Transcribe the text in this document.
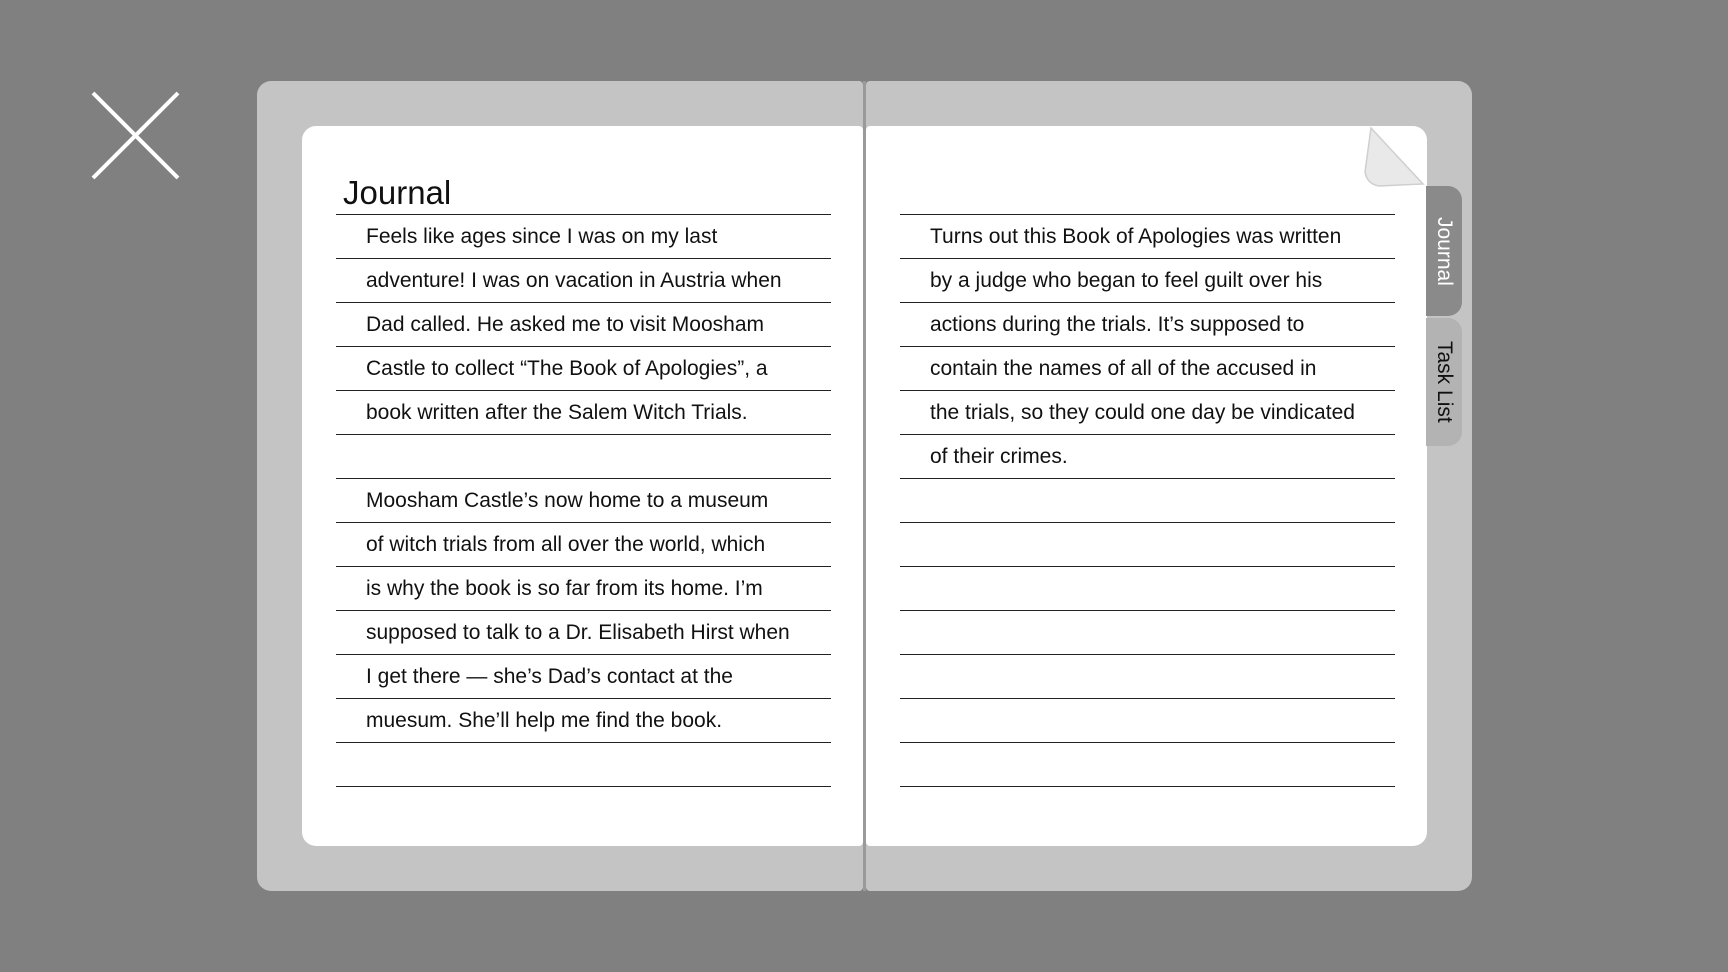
Journal
Feels like ages since I was on my last
adventure! I was on vacation in Austria when
Dad called. He asked me to visit Moosham
Castle to collect “The Book of Apologies”, a
book written after the Salem Witch Trials.
Moosham Castle’s now home to a museum
of witch trials from all over the world, which
is why the book is so far from its home. I’m
supposed to talk to a Dr. Elisabeth Hirst when
I get there — she’s Dad’s contact at the
muesum. She’ll help me find the book.
Turns out this Book of Apologies was written
by a judge who began to feel guilt over his
actions during the trials. It’s supposed to
contain the names of all of the accused in
the trials, so they could one day be vindicated
of their crimes.
Journal
Task List
